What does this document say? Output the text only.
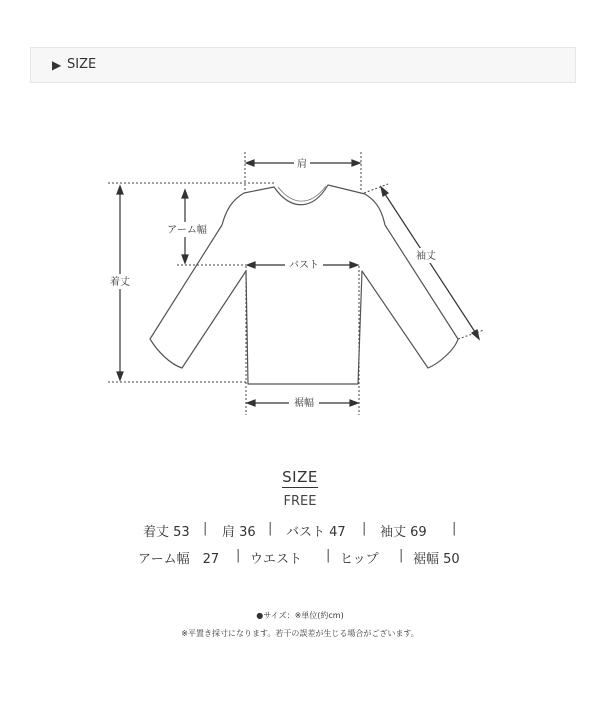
▶ SIZE
肩
着丈
アーム幅
バスト
袖丈
裾幅
SIZE
FREE

着丈 53

|

肩 36

|

バスト 47

|

袖丈 69

|

アーム幅　27

|

ウエスト

|

ヒップ

|

裾幅 50

●サイズ：※単位(約cm)
※平置き採寸になります。若干の誤差が生じる場合がございます。
